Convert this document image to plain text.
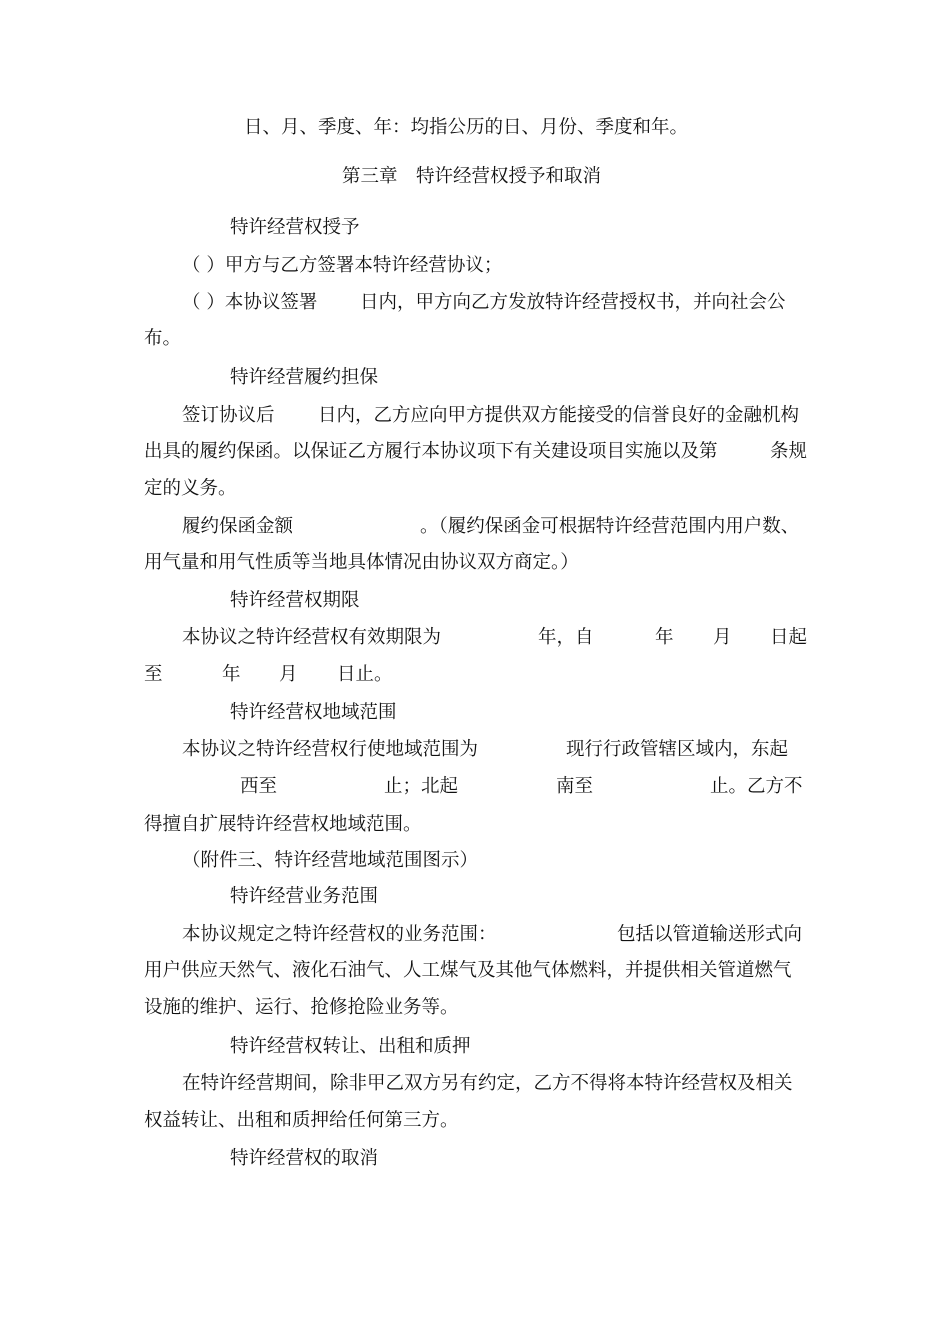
日、月、季度、年：均指公历的日、月份、季度和年。
第三章　特许经营权授予和取消
特许经营权授予
（ ）甲方与乙方签署本特许经营协议；
（ ）本协议签署 日内，甲方向乙方发放特许经营授权书，并向社会公
布。
特许经营履约担保
签订协议后 日内，乙方应向甲方提供双方能接受的信誉良好的金融机构
出具的履约保函。以保证乙方履行本协议项下有关建设项目实施以及第	条规
定的义务。
履约保函金额	。（履约保函金可根据特许经营范围内用户数、
用气量和用气性质等当地具体情况由协议双方商定。）
特许经营权期限
本协议之特许经营权有效期限为	年，自	年 月 日起
至	年 月 日止。
特许经营权地域范围
本协议之特许经营权行使地域范围为	现行行政管辖区域内，东起
西至	止；北起	南至	止。乙方不
得擅自扩展特许经营权地域范围。
（附件三、特许经营地域范围图示）
特许经营业务范围
本协议规定之特许经营权的业务范围：	包括以管道输送形式向
用户供应天然气、液化石油气、人工煤气及其他气体燃料，并提供相关管道燃气
设施的维护、运行、抢修抢险业务等。
特许经营权转让、出租和质押
在特许经营期间，除非甲乙双方另有约定，乙方不得将本特许经营权及相关
权益转让、出租和质押给任何第三方。
特许经营权的取消
